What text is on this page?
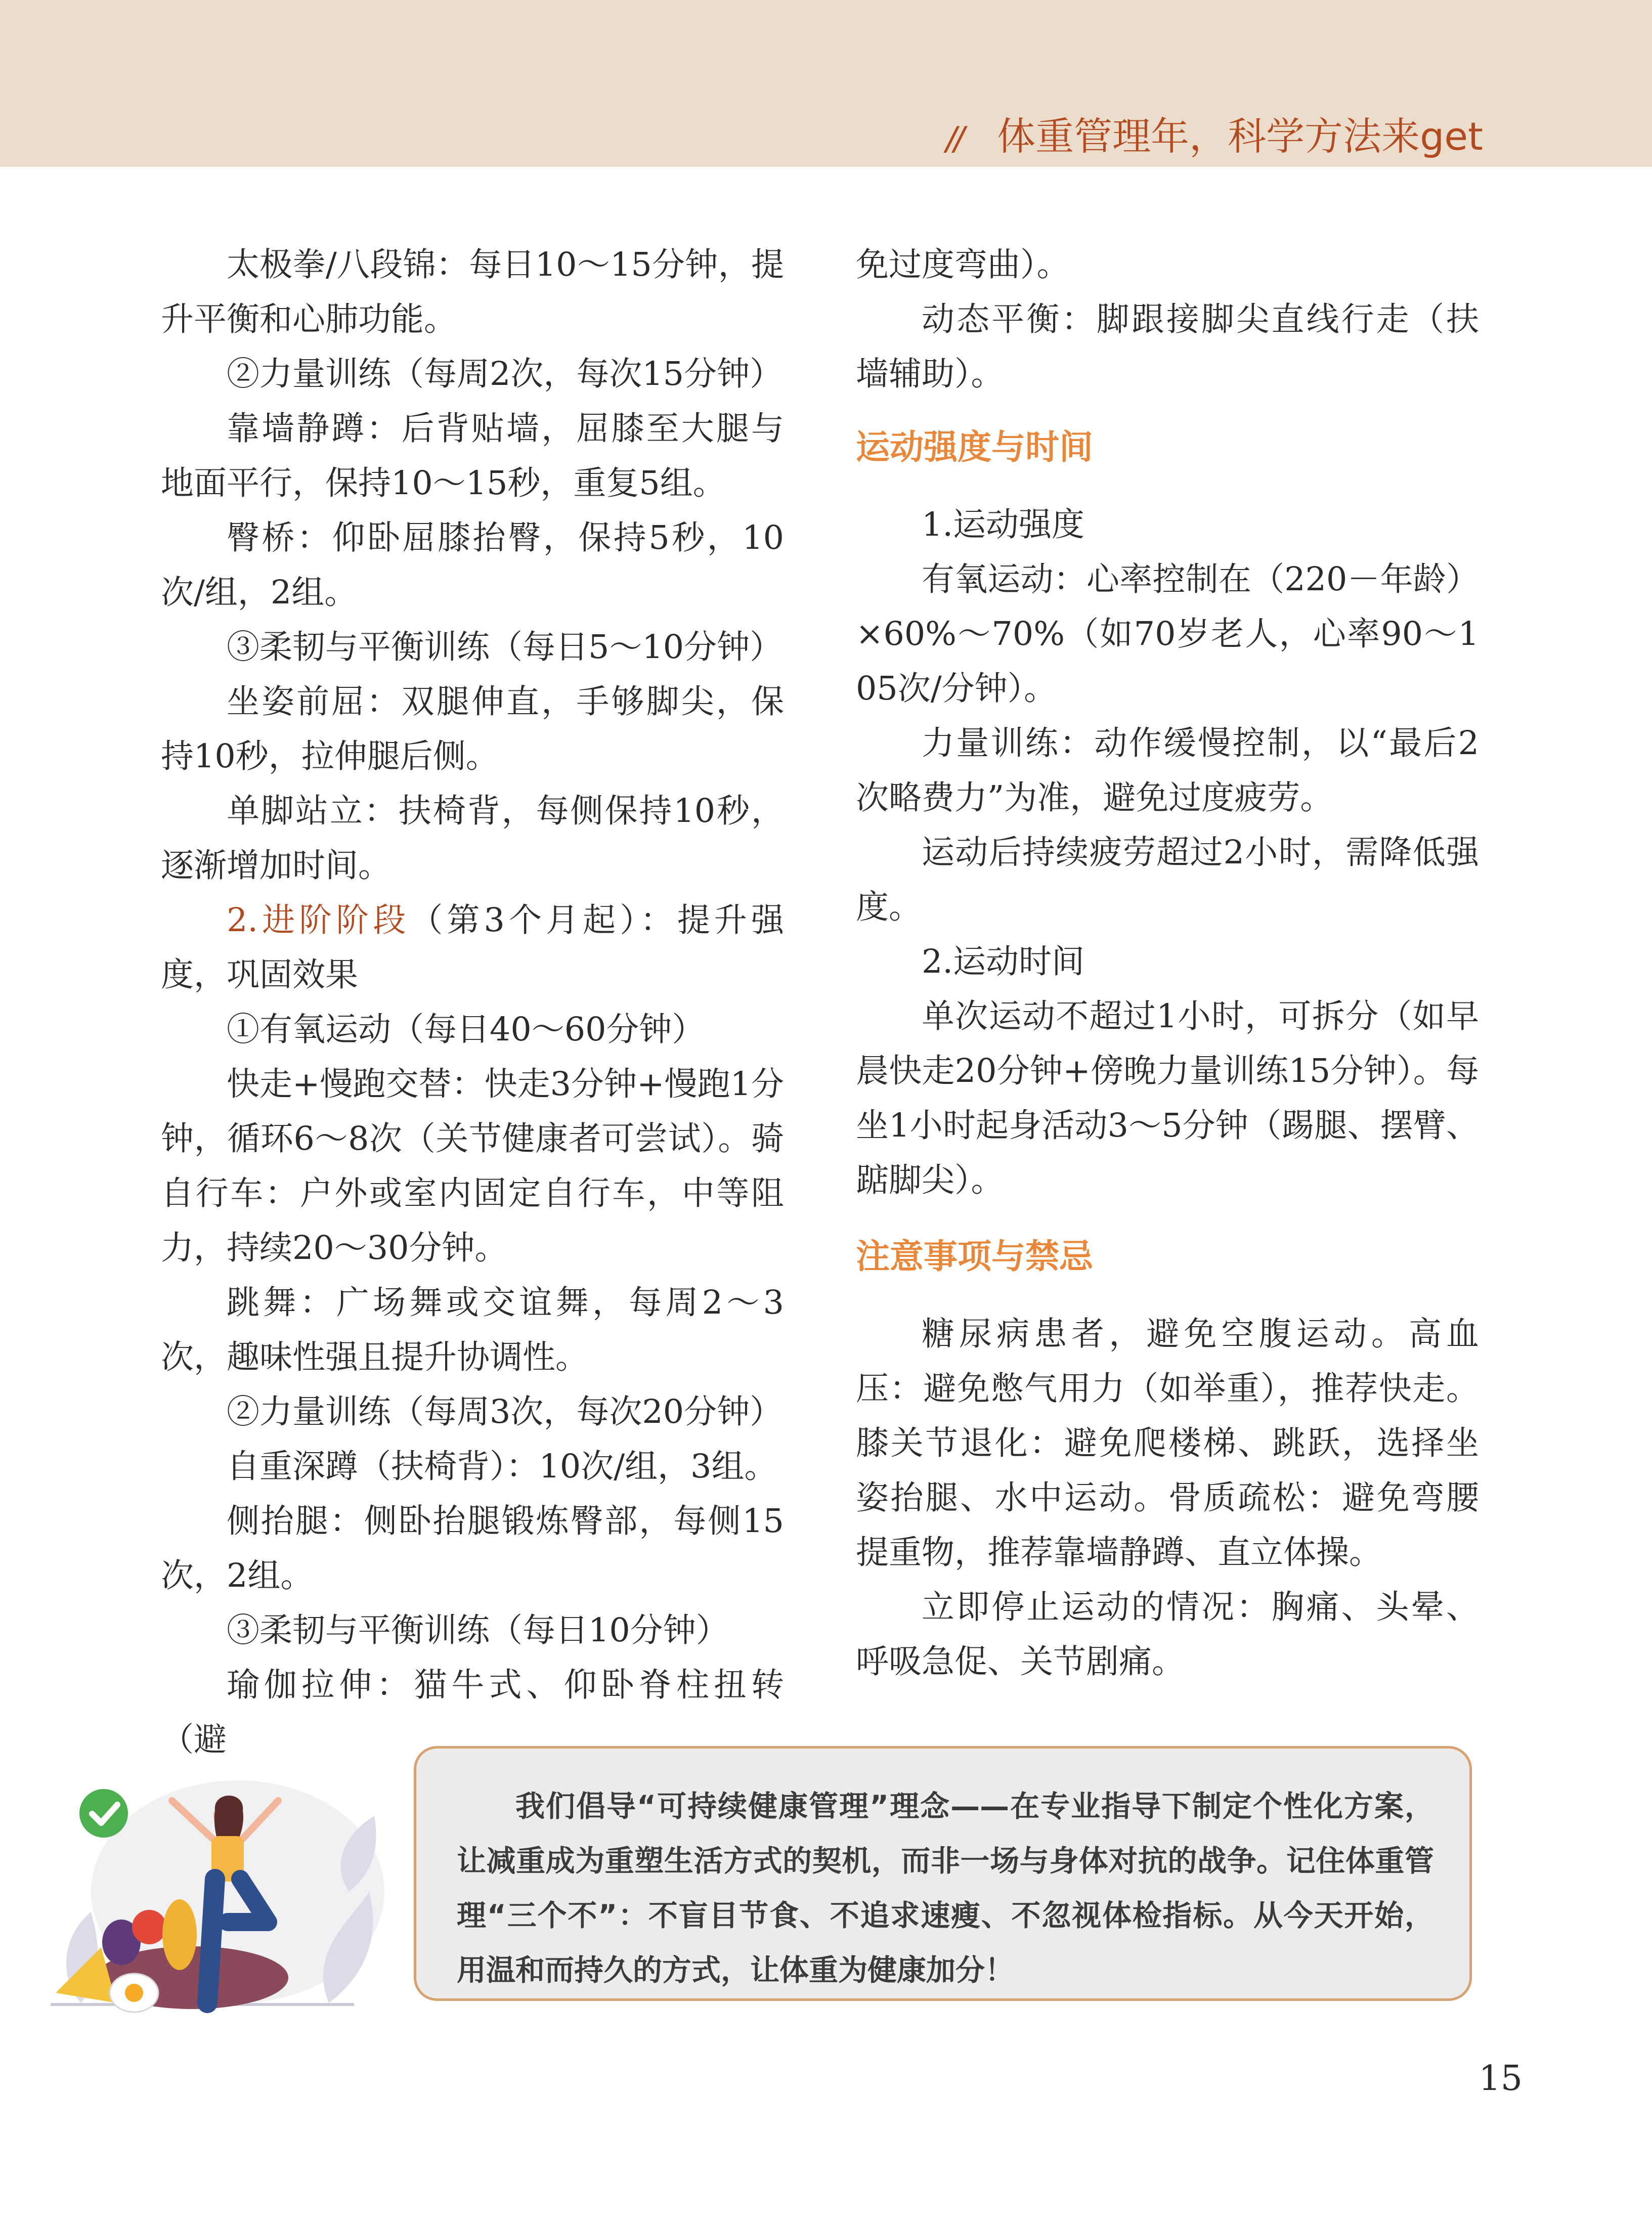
// 体重管理年，科学方法来get

太极拳/八段锦：每日10～15分钟，提升平衡和心肺功能。

②力量训练（每周2次，每次15分钟）

靠墙静蹲：后背贴墙，屈膝至大腿与地面平行，保持10～15秒，重复5组。

臀桥：仰卧屈膝抬臀，保持5秒，10次/组，2组。

③柔韧与平衡训练（每日5～10分钟）

坐姿前屈：双腿伸直，手够脚尖，保持10秒，拉伸腿后侧。

单脚站立：扶椅背，每侧保持10秒，逐渐增加时间。

2.进阶阶段（第3个月起）：提升强度，巩固效果

①有氧运动（每日40～60分钟）

快走+慢跑交替：快走3分钟+慢跑1分钟，循环6～8次（关节健康者可尝试）。骑自行车：户外或室内固定自行车，中等阻力，持续20～30分钟。

跳舞：广场舞或交谊舞，每周2～3次，趣味性强且提升协调性。

②力量训练（每周3次，每次20分钟）

自重深蹲（扶椅背）：10次/组，3组。

侧抬腿：侧卧抬腿锻炼臀部，每侧15次，2组。

③柔韧与平衡训练（每日10分钟）

瑜伽拉伸：猫牛式、仰卧脊柱扭转（避

免过度弯曲）。

动态平衡：脚跟接脚尖直线行走（扶墙辅助）。

运动强度与时间

1.运动强度

有氧运动：心率控制在（220－年龄）×60%～70%（如70岁老人，心率90～105次/分钟）。

力量训练：动作缓慢控制，以“最后2次略费力”为准，避免过度疲劳。

运动后持续疲劳超过2小时，需降低强度。

2.运动时间

单次运动不超过1小时，可拆分（如早晨快走20分钟+傍晚力量训练15分钟）。每坐1小时起身活动3～5分钟（踢腿、摆臂、踮脚尖）。

注意事项与禁忌

糖尿病患者，避免空腹运动。高血压：避免憋气用力（如举重），推荐快走。膝关节退化：避免爬楼梯、跳跃，选择坐姿抬腿、水中运动。骨质疏松：避免弯腰提重物，推荐靠墙静蹲、直立体操。

立即停止运动的情况：胸痛、头晕、呼吸急促、关节剧痛。

我们倡导“可持续健康管理”理念——在专业指导下制定个性化方案，让减重成为重塑生活方式的契机，而非一场与身体对抗的战争。记住体重管理“三个不”：不盲目节食、不追求速瘦、不忽视体检指标。从今天开始，用温和而持久的方式，让体重为健康加分！

15
